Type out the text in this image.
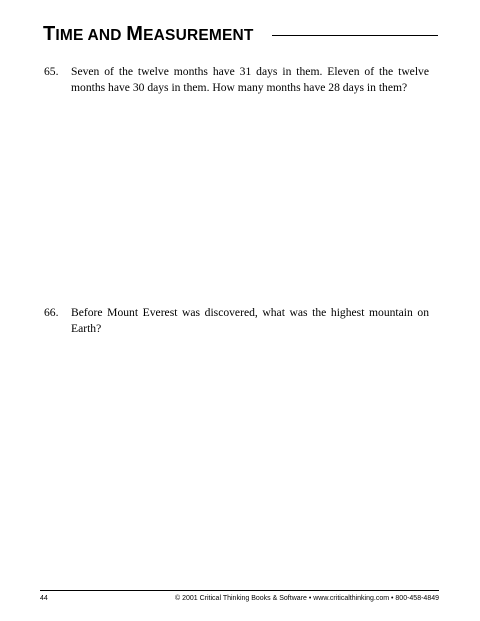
TIME AND MEASUREMENT
65.	Seven of the twelve months have 31 days in them. Eleven of the twelve months have 30 days in them. How many months have 28 days in them?
66.	Before Mount Everest was discovered, what was the highest mountain on Earth?
44	© 2001 Critical Thinking Books & Software • www.criticalthinking.com • 800-458-4849
